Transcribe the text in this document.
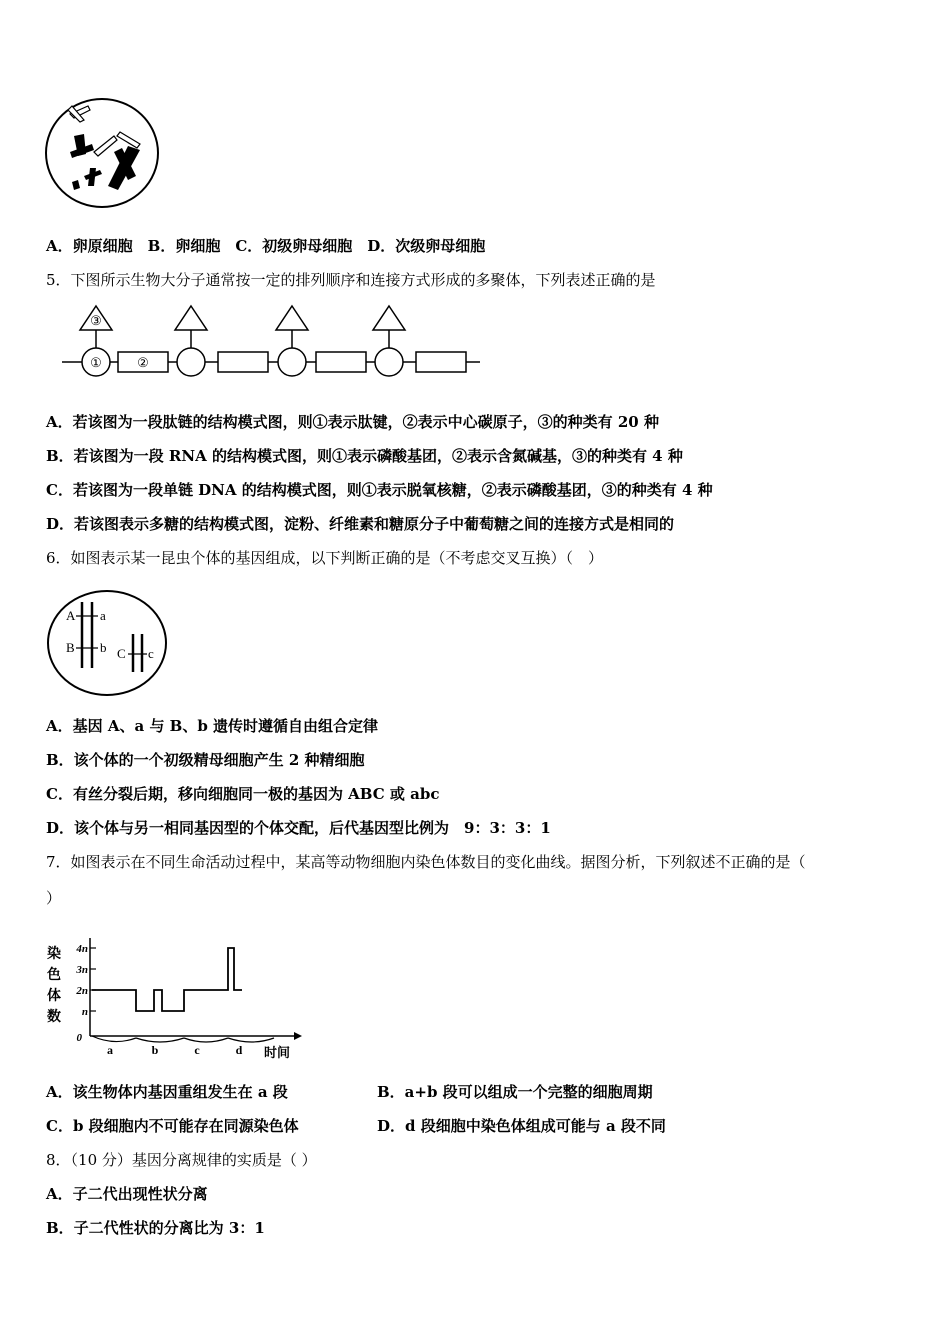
A．卵原细胞　B．卵细胞　C．初级卵母细胞　D．次级卵母细胞
5．下图所示生物大分子通常按一定的排列顺序和连接方式形成的多聚体，下列表述正确的是
③
①	②
A．若该图为一段肽链的结构模式图，则①表示肽键，②表示中心碳原子，③的种类有 20 种
B．若该图为一段 RNA 的结构模式图，则①表示磷酸基团，②表示含氮碱基，③的种类有 4 种
C．若该图为一段单链 DNA 的结构模式图，则①表示脱氧核糖，②表示磷酸基团，③的种类有 4 种
D．若该图表示多糖的结构模式图，淀粉、纤维素和糖原分子中葡萄糖之间的连接方式是相同的
6．如图表示某一昆虫个体的基因组成，以下判断正确的是（不考虑交叉互换）（　）
A a
B b C c
A．基因 A、a 与 B、b 遗传时遵循自由组合定律
B．该个体的一个初级精母细胞产生 2 种精细胞
C．有丝分裂后期，移向细胞同一极的基因为 ABC 或 abc
D．该个体与另一相同基因型的个体交配，后代基因型比例为　9：3：3：1
7．如图表示在不同生命活动过程中，某高等动物细胞内染色体数目的变化曲线。据图分析，下列叙述不正确的是（
）
染
色
体
数
4n
3n
2n
n
0
a	b	c	d 时间
A．该生物体内基因重组发生在 a 段	B．a+b 段可以组成一个完整的细胞周期
C．b 段细胞内不可能存在同源染色体	D．d 段细胞中染色体组成可能与 a 段不同
8．（10 分）基因分离规律的实质是（ ）
A．子二代出现性状分离
B．子二代性状的分离比为 3：1
